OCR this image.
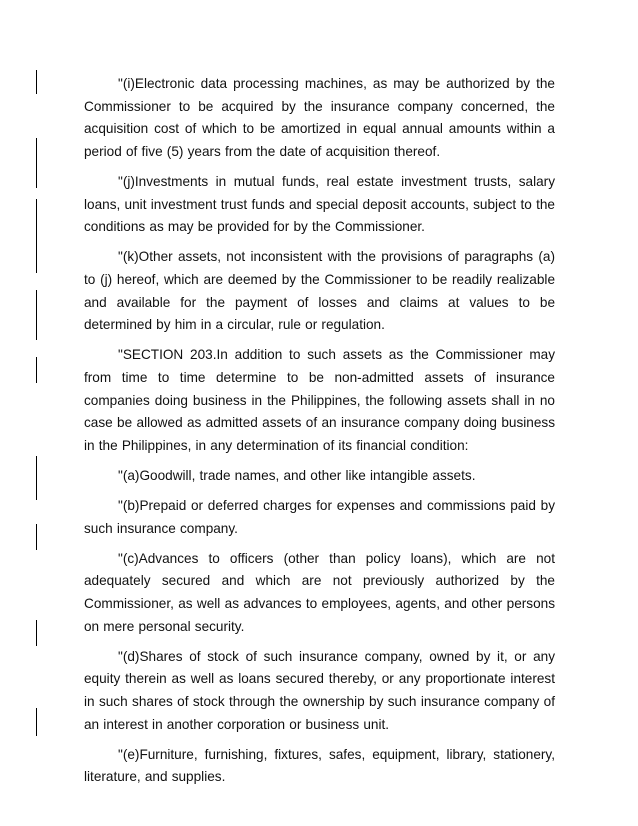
"(i)Electronic data processing machines, as may be authorized by the Commissioner to be acquired by the insurance company concerned, the acquisition cost of which to be amortized in equal annual amounts within a period of five (5) years from the date of acquisition thereof.

"(j)Investments in mutual funds, real estate investment trusts, salary loans, unit investment trust funds and special deposit accounts, subject to the conditions as may be provided for by the Commissioner.

"(k)Other assets, not inconsistent with the provisions of paragraphs (a) to (j) hereof, which are deemed by the Commissioner to be readily realizable and available for the payment of losses and claims at values to be determined by him in a circular, rule or regulation.

"SECTION 203.In addition to such assets as the Commissioner may from time to time determine to be non-admitted assets of insurance companies doing business in the Philippines, the following assets shall in no case be allowed as admitted assets of an insurance company doing business in the Philippines, in any determination of its financial condition:

"(a)Goodwill, trade names, and other like intangible assets.

"(b)Prepaid or deferred charges for expenses and commissions paid by such insurance company.

"(c)Advances to officers (other than policy loans), which are not adequately secured and which are not previously authorized by the Commissioner, as well as advances to employees, agents, and other persons on mere personal security.

"(d)Shares of stock of such insurance company, owned by it, or any equity therein as well as loans secured thereby, or any proportionate interest in such shares of stock through the ownership by such insurance company of an interest in another corporation or business unit.

"(e)Furniture, furnishing, fixtures, safes, equipment, library, stationery, literature, and supplies.
